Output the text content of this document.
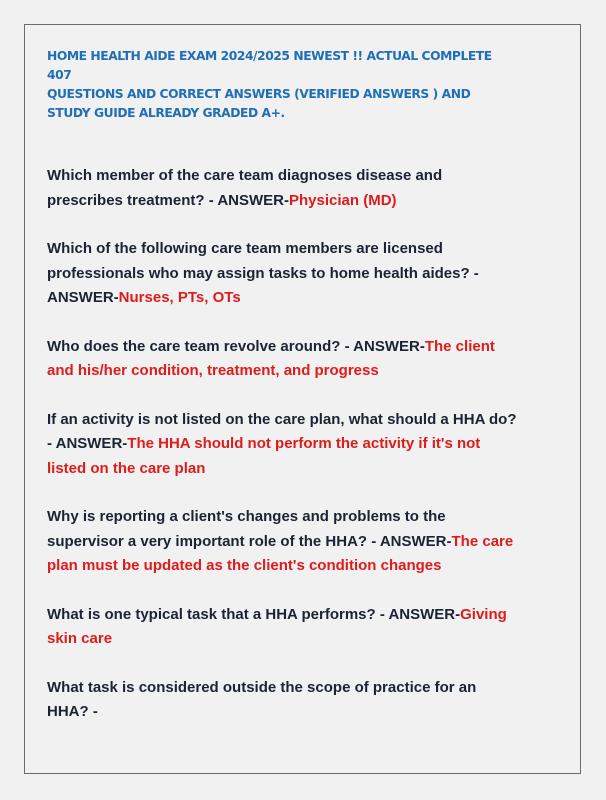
HOME HEALTH AIDE EXAM 2024/2025 NEWEST !! ACTUAL COMPLETE 407
QUESTIONS AND CORRECT ANSWERS (VERIFIED ANSWERS ) AND
STUDY GUIDE ALREADY GRADED A+.

Which member of the care team diagnoses disease and prescribes treatment? - ANSWER-Physician (MD)

Which of the following care team members are licensed professionals who may assign tasks to home health aides? - ANSWER-Nurses, PTs, OTs

Who does the care team revolve around? - ANSWER-The client and his/her condition, treatment, and progress

If an activity is not listed on the care plan, what should a HHA do? - ANSWER-The HHA should not perform the activity if it's not listed on the care plan

Why is reporting a client's changes and problems to the supervisor a very important role of the HHA? - ANSWER-The care plan must be updated as the client's condition changes

What is one typical task that a HHA performs? - ANSWER-Giving skin care

What task is considered outside the scope of practice for an HHA? -
